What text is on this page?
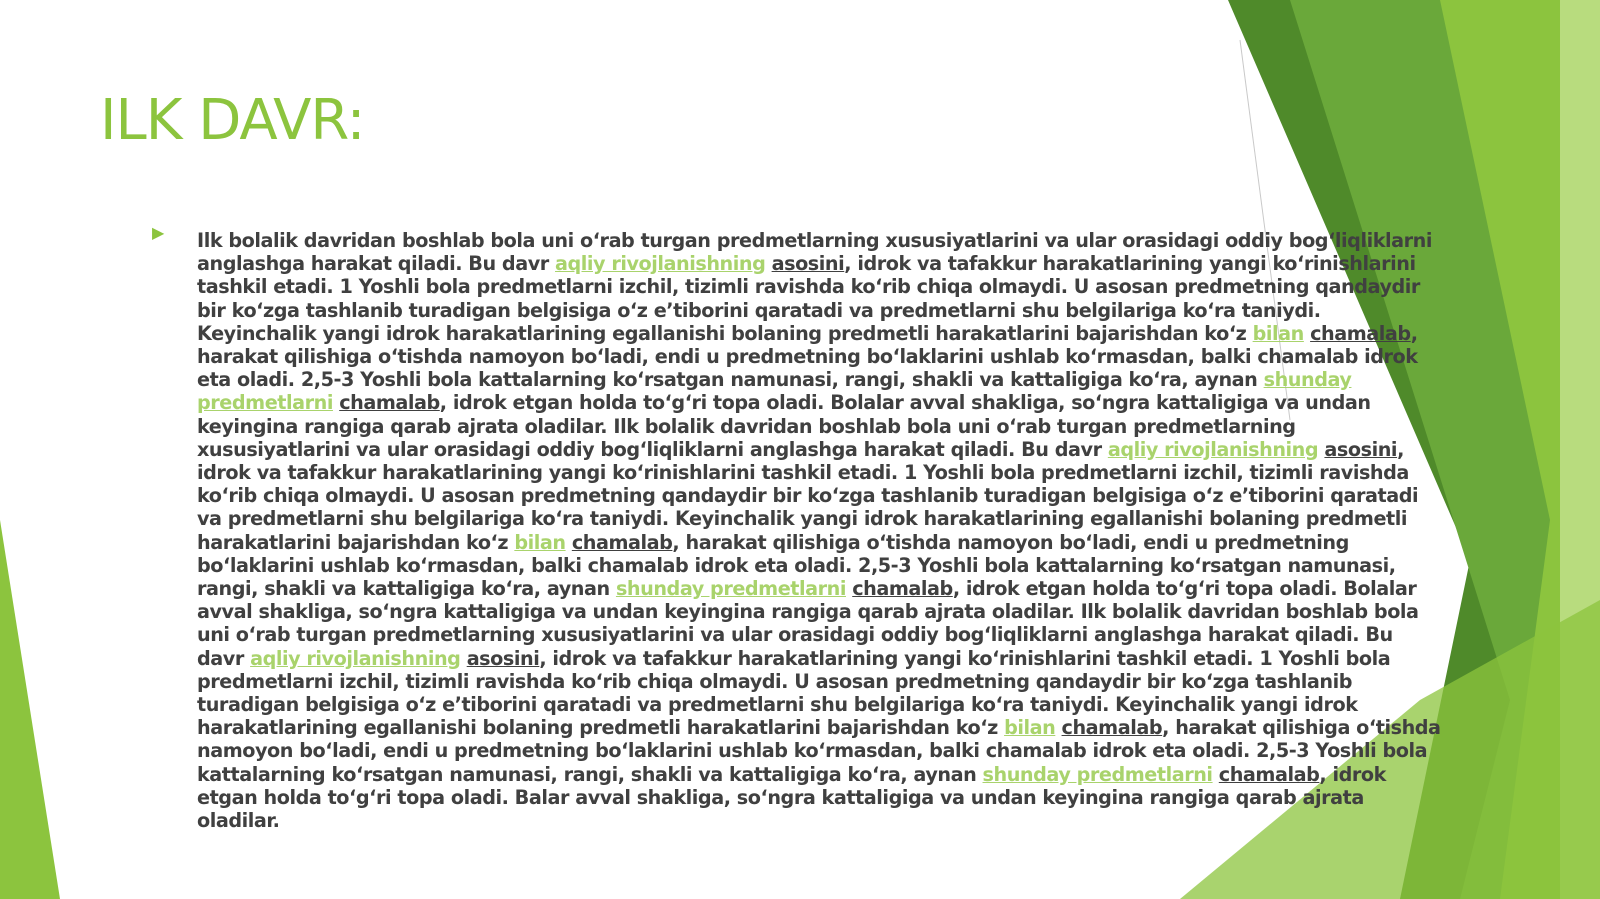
ILK DAVR:
▶ Ilk bolalik davridan boshlab bola uni o‘rab turgan predmetlarning xususiyatlarini va ular orasidagi oddiy bog‘liqliklarni anglashga harakat qiladi. Bu davr aqliy rivojlanishning asosini, idrok va tafakkur harakatlarining yangi ko‘rinishlarini tashkil etadi. 1 Yoshli bola predmetlarni izchil, tizimli ravishda ko‘rib chiqa olmaydi. U asosan predmetning qandaydir bir ko‘zga tashlanib turadigan belgisiga o‘z e’tiborini qaratadi va predmetlarni shu belgilariga ko‘ra taniydi. Keyinchalik yangi idrok harakatlarining egallanishi bolaning predmetli harakatlarini bajarishdan ko‘z bilan chamalab, harakat qilishiga o‘tishda namoyon bo‘ladi, endi u predmetning bo‘laklarini ushlab ko‘rmasdan, balki chamalab idrok eta oladi. 2,5-3 Yoshli bola kattalarning ko‘rsatgan namunasi, rangi, shakli va kattaligiga ko‘ra, aynan shunday predmetlarni chamalab, idrok etgan holda to‘g‘ri topa oladi. Bolalar avval shakliga, so‘ngra kattaligiga va undan keyingina rangiga qarab ajrata oladilar. Ilk bolalik davridan boshlab bola uni o‘rab turgan predmetlarning xususiyatlarini va ular orasidagi oddiy bog‘liqliklarni anglashga harakat qiladi. Bu davr aqliy rivojlanishning asosini, idrok va tafakkur harakatlarining yangi ko‘rinishlarini tashkil etadi. 1 Yoshli bola predmetlarni izchil, tizimli ravishda ko‘rib chiqa olmaydi. U asosan predmetning qandaydir bir ko‘zga tashlanib turadigan belgisiga o‘z e’tiborini qaratadi va predmetlarni shu belgilariga ko‘ra taniydi. Keyinchalik yangi idrok harakatlarining egallanishi bolaning predmetli harakatlarini bajarishdan ko‘z bilan chamalab, harakat qilishiga o‘tishda namoyon bo‘ladi, endi u predmetning bo‘laklarini ushlab ko‘rmasdan, balki chamalab idrok eta oladi. 2,5-3 Yoshli bola kattalarning ko‘rsatgan namunasi, rangi, shakli va kattaligiga ko‘ra, aynan shunday predmetlarni chamalab, idrok etgan holda to‘g‘ri topa oladi. Bolalar avval shakliga, so‘ngra kattaligiga va undan keyingina rangiga qarab ajrata oladilar. Ilk bolalik davridan boshlab bola uni o‘rab turgan predmetlarning xususiyatlarini va ular orasidagi oddiy bog‘liqliklarni anglashga harakat qiladi. Bu davr aqliy rivojlanishning asosini, idrok va tafakkur harakatlarining yangi ko‘rinishlarini tashkil etadi. 1 Yoshli bola predmetlarni izchil, tizimli ravishda ko‘rib chiqa olmaydi. U asosan predmetning qandaydir bir ko‘zga tashlanib turadigan belgisiga o‘z e’tiborini qaratadi va predmetlarni shu belgilariga ko‘ra taniydi. Keyinchalik yangi idrok harakatlarining egallanishi bolaning predmetli harakatlarini bajarishdan ko‘z bilan chamalab, harakat qilishiga o‘tishda namoyon bo‘ladi, endi u predmetning bo‘laklarini ushlab ko‘rmasdan, balki chamalab idrok eta oladi. 2,5-3 Yoshli bola kattalarning ko‘rsatgan namunasi, rangi, shakli va kattaligiga ko‘ra, aynan shunday predmetlarni chamalab, idrok etgan holda to‘g‘ri topa oladi. Balar avval shakliga, so‘ngra kattaligiga va undan keyingina rangiga qarab ajrata oladilar.
